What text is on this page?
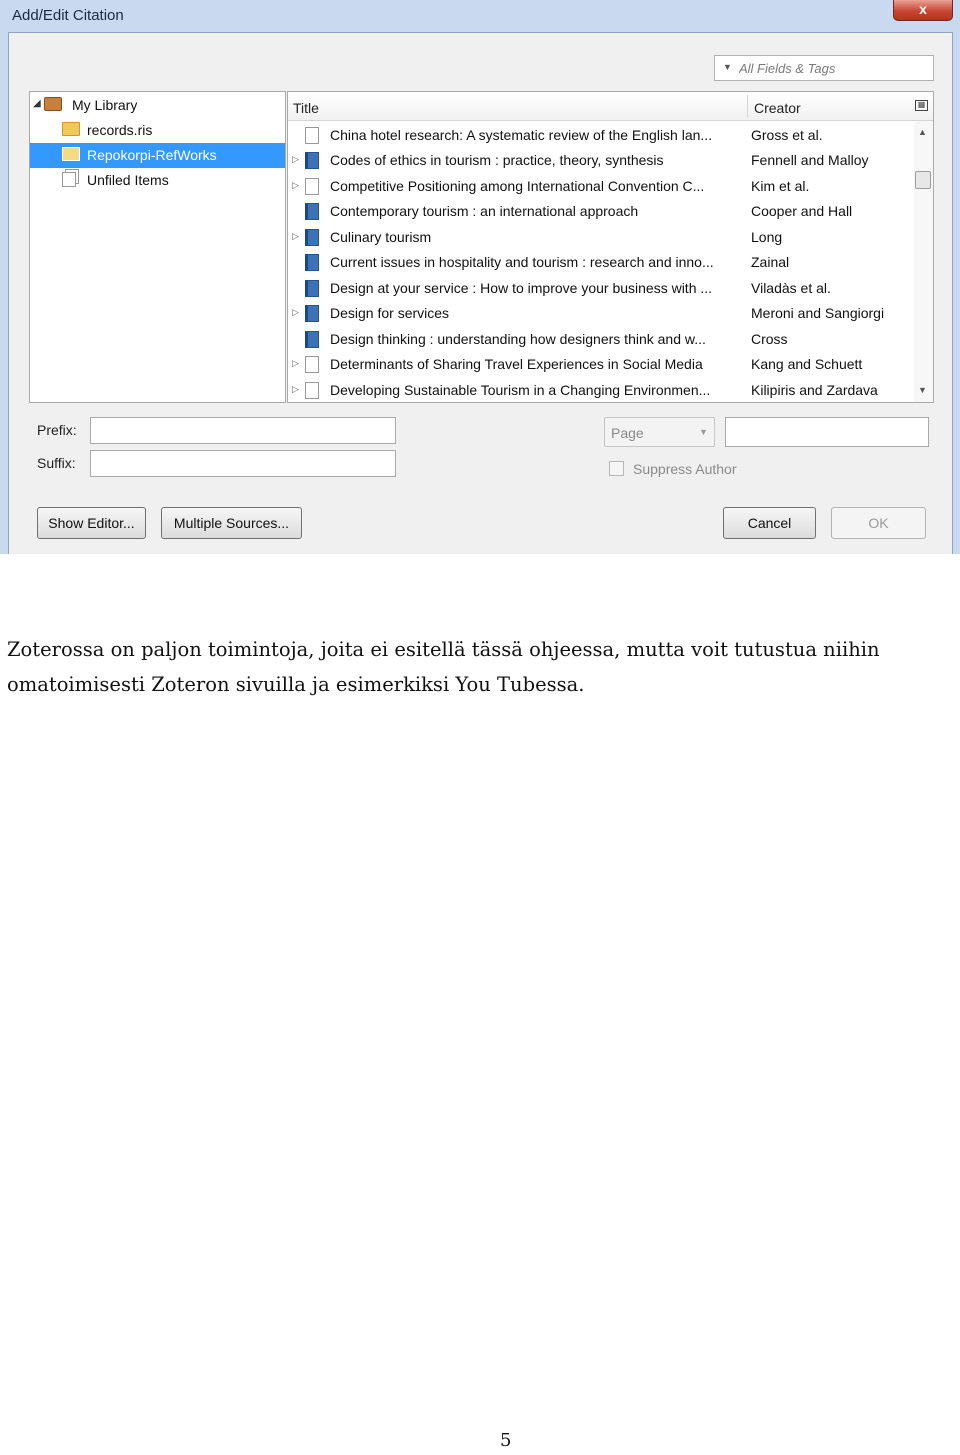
Add/Edit Citation	x
▼
All Fields & Tags
◢ My Library
records.ris
Repokorpi-RefWorks
Unfiled Items
Title	Creator	▦
China hotel research: A systematic review of the English lan...	Gross et al.
▷ Codes of ethics in tourism : practice, theory, synthesis	Fennell and Malloy
▷ Competitive Positioning among International Convention C...	Kim et al.
Contemporary tourism : an international approach	Cooper and Hall
▷ Culinary tourism	Long
Current issues in hospitality and tourism : research and inno...	Zainal
Design at your service : How to improve your business with ...	Viladàs et al.
▷ Design for services	Meroni and Sangiorgi
Design thinking : understanding how designers think and w...	Cross
▷ Determinants of Sharing Travel Experiences in Social Media	Kang and Schuett
▷ Developing Sustainable Tourism in a Changing Environmen...	Kilipiris and Zardava
▲
▼
Prefix:
Suffix:
Page	▼
Suppress Author
Show Editor...	Multiple Sources...	Cancel	OK
Zoterossa on paljon toimintoja, joita ei esitellä tässä ohjeessa, mutta voit tutustua niihin omatoimisesti Zoteron sivuilla ja esimerkiksi You Tubessa.
5
